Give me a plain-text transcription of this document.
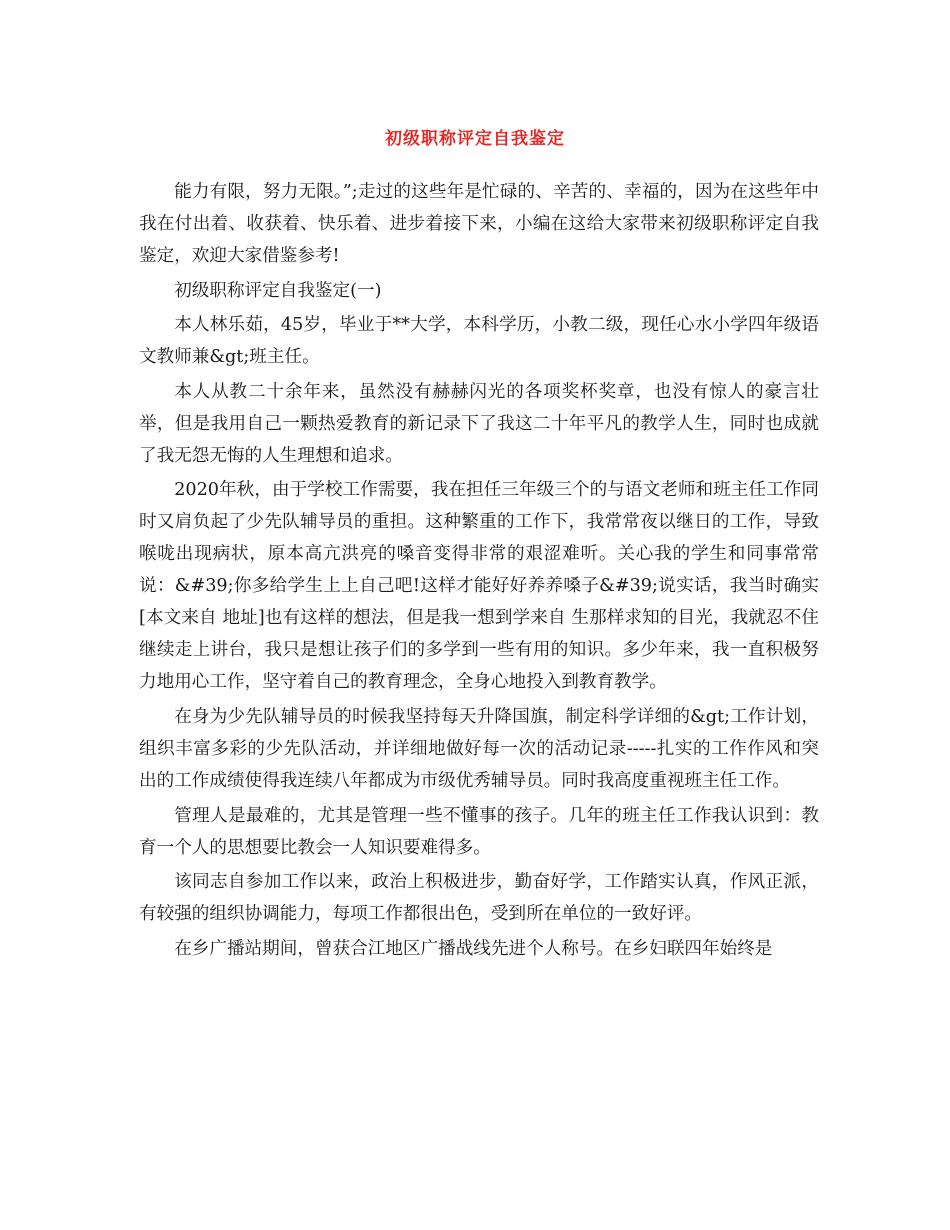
初级职称评定自我鉴定

能力有限，努力无限。”;走过的这些年是忙碌的、辛苦的、幸福的，因为在这些年中我在付出着、收获着、快乐着、进步着接下来，小编在这给大家带来初级职称评定自我鉴定，欢迎大家借鉴参考!

初级职称评定自我鉴定(一)

本人林乐茹，45岁，毕业于**大学，本科学历，小教二级，现任心水小学四年级语文教师兼&gt;班主任。

本人从教二十余年来，虽然没有赫赫闪光的各项奖杯奖章，也没有惊人的豪言壮举，但是我用自己一颗热爱教育的新记录下了我这二十年平凡的教学人生，同时也成就了我无怨无悔的人生理想和追求。

2020年秋，由于学校工作需要，我在担任三年级三个的与语文老师和班主任工作同时又肩负起了少先队辅导员的重担。这种繁重的工作下，我常常夜以继日的工作，导致喉咙出现病状，原本高亢洪亮的嗓音变得非常的艰涩难听。关心我的学生和同事常常说：&#39;你多给学生上上自己吧!这样才能好好养养嗓子&#39;说实话，我当时确实[本文来自 地址]也有这样的想法，但是我一想到学来自 生那样求知的目光，我就忍不住继续走上讲台，我只是想让孩子们的多学到一些有用的知识。多少年来，我一直积极努力地用心工作，坚守着自己的教育理念，全身心地投入到教育教学。

在身为少先队辅导员的时候我坚持每天升降国旗，制定科学详细的&gt;工作计划，组织丰富多彩的少先队活动，并详细地做好每一次的活动记录-----扎实的工作作风和突出的工作成绩使得我连续八年都成为市级优秀辅导员。同时我高度重视班主任工作。

管理人是最难的，尤其是管理一些不懂事的孩子。几年的班主任工作我认识到：教育一个人的思想要比教会一人知识要难得多。

该同志自参加工作以来，政治上积极进步，勤奋好学，工作踏实认真，作风正派，有较强的组织协调能力，每项工作都很出色，受到所在单位的一致好评。

在乡广播站期间，曾获合江地区广播战线先进个人称号。在乡妇联四年始终是
